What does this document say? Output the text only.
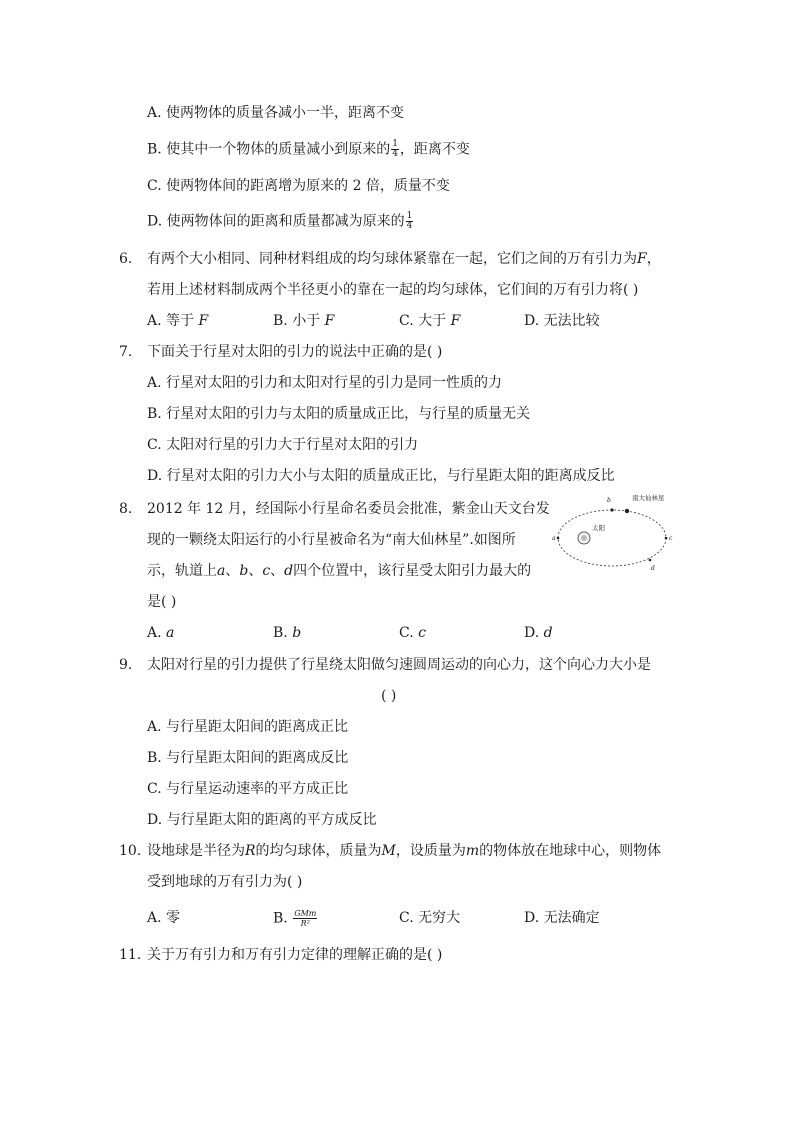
A. 使两物体的质量各减小一半，距离不变
B. 使其中一个物体的质量减小到原来的 $\frac{1}{4}$ ，距离不变
C. 使两物体间的距离增为原来的 2 倍，质量不变
D. 使两物体间的距离和质量都减为原来的 $\frac{1}{4}$
6. 有两个大小相同、同种材料组成的均匀球体紧靠在一起，它们之间的万有引力为F，
若用上述材料制成两个半径更小的靠在一起的均匀球体，它们间的万有引力将( )
A. 等于 F	B. 小于 F	C. 大于 F	D. 无法比较
7. 下面关于行星对太阳的引力的说法中正确的是( )
A. 行星对太阳的引力和太阳对行星的引力是同一性质的力
B. 行星对太阳的引力与太阳的质量成正比，与行星的质量无关
C. 太阳对行星的引力大于行星对太阳的引力
D. 行星对太阳的引力大小与太阳的质量成正比，与行星距太阳的距离成反比
8. 2012 年 12 月，经国际小行星命名委员会批准，紫金山天文台发
现的一颗绕太阳运行的小行星被命名为“南大仙林星”.如图所
示，轨道上a、b、c、d四个位置中，该行星受太阳引力最大的
是( )
A. a	B. b	C. c	D. d
太阳
a
b	南大仙林星
c
d
9. 太阳对行星的引力提供了行星绕太阳做匀速圆周运动的向心力，这个向心力大小是
( )
A. 与行星距太阳间的距离成正比
B. 与行星距太阳间的距离成反比
C. 与行星运动速率的平方成正比
D. 与行星距太阳的距离的平方成反比
10. 设地球是半径为R的均匀球体，质量为M，设质量为m的物体放在地球中心，则物体
受到地球的万有引力为( )
A. 零	B. $\frac{\text{GMm}}{\text{R²}}$	C. 无穷大	D. 无法确定
11. 关于万有引力和万有引力定律的理解正确的是( )
